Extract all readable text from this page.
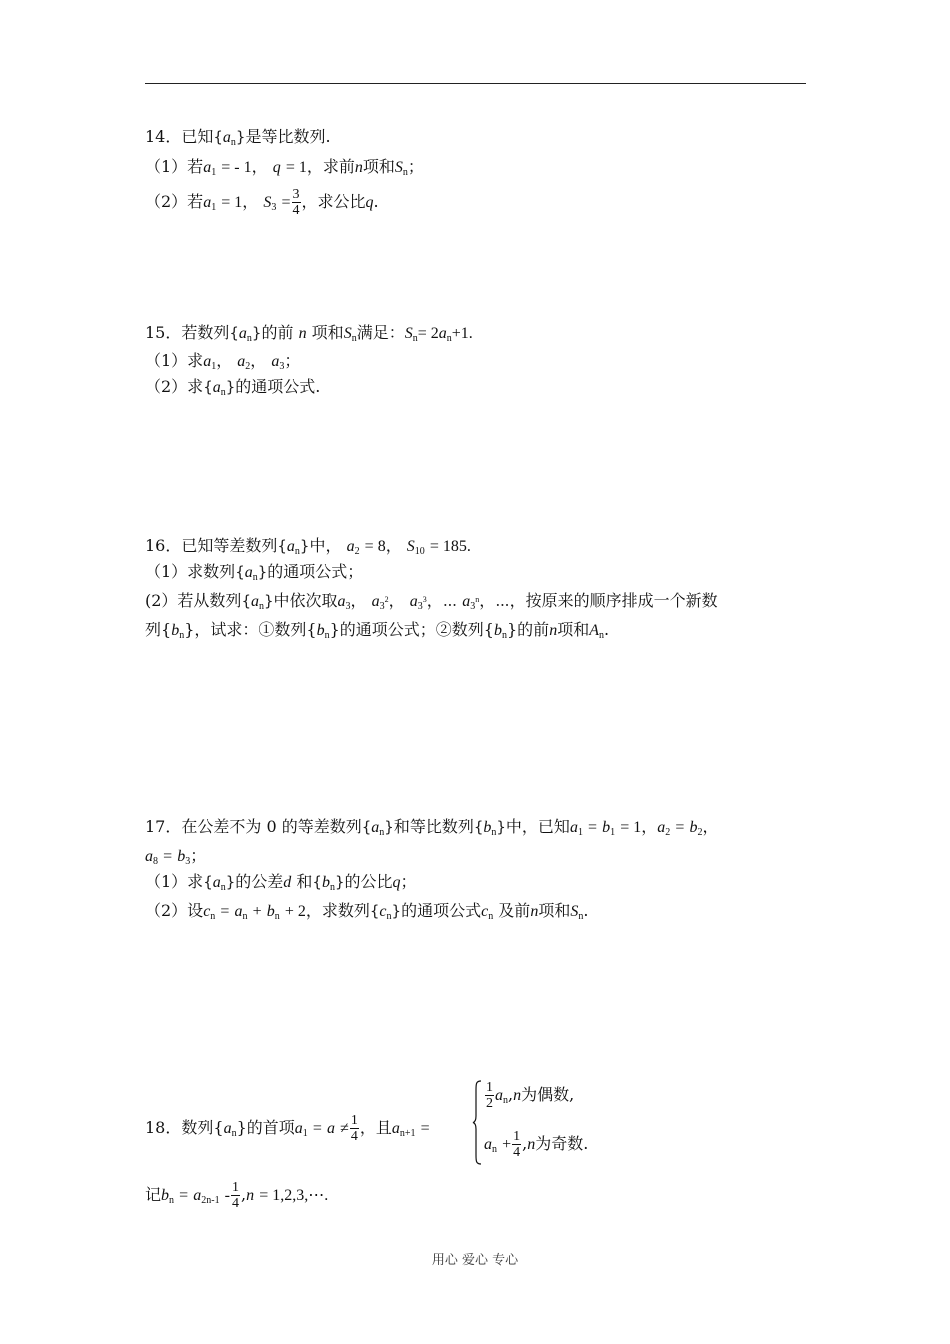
14．已知$\{a_n\}$是等比数列.
（1）若$a_1$ = - 1， q = 1，求前n项和$S_n$；
（2）若$a_1 = 1$， $S_3 = \frac{3}{4}$ ，求公比q.
15．若数列$\{a_n\}$的前 n 项和$S_n$满足：$S_n= 2a_n+1$.
（1）求$a_1$， $a_2$， $a_3$；
（2）求$\{a_n\}$的通项公式.
16．已知等差数列$\{a_n\}$中， $a_2 = 8$， $S_{10} = 185$.
（1）求数列$\{a_n\}$的通项公式；
(2）若从数列$\{a_n\}$中依次取$a_3$， $a_{3^2}$， $a_{3^3}$，⋯ $a_{3^n}$，⋯，按原来的顺序排成一个新数
列$\{b_n\}$，试求：①数列$\{b_n\}$的通项公式；②数列$\{b_n\}$的前n项和$A_n$.
17．在公差不为 0 的等差数列$\{a_n\}$和等比数列$\{b_n\}$中，已知$a_1 = b_1 = 1$，$a_2 = b_2$，
$a_8 = b_3$；
（1）求$\{a_n\}$的公差d 和$\{b_n\}$的公比q；
（2）设$c_n = a_n + b_n + 2$，求数列$\{c_n\}$的通项公式$c_n$ 及前n项和$S_n$.
18．数列$\{a_n\}$的首项$a_1 = a \ne \frac{1}{4}$ ，且$a_{n+1}$ =
$\frac{1}{2} a_n,n$为偶数,
$a_n + \frac{1}{4} ,n$为奇数.
记$b_n = a_{2n-1} - \frac{1}{4} ,n$ = 1,2,3,⋯.
用心 爱心 专心
